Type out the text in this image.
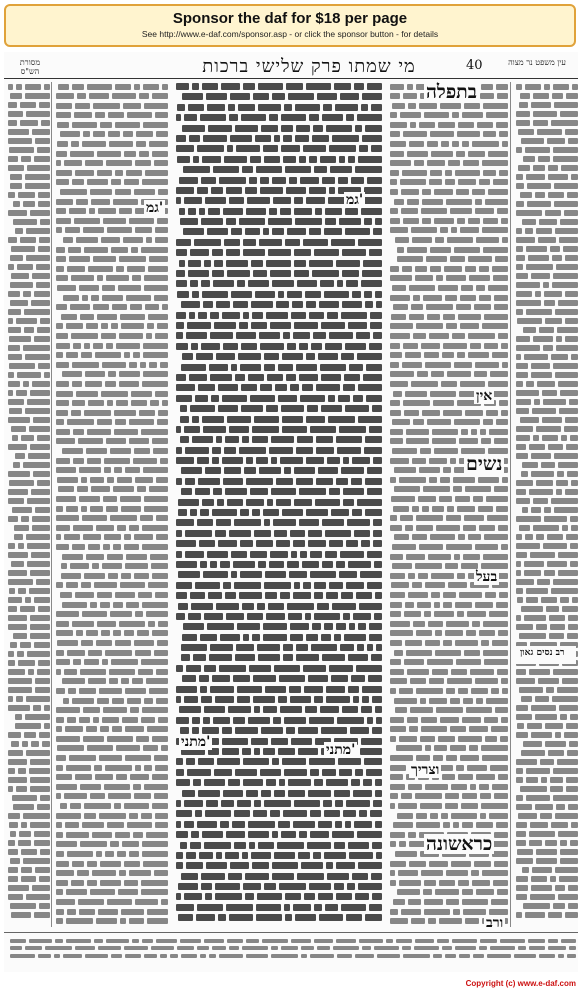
Sponsor the daf for $18 per page

See http://www.e-daf.com/sponsor.asp - or click the sponsor button - for details

מסורת הש"ס	מי שמתו פרק שלישי ברכות	40	עין משפט נר מצוה
רב נסים גאון
בתפלה
אין
נשים
בעל
וצריך
כראשונה
ורב
גמ'
מתני'	מתני'
גמ'
Copyright (c) www.e-daf.com
